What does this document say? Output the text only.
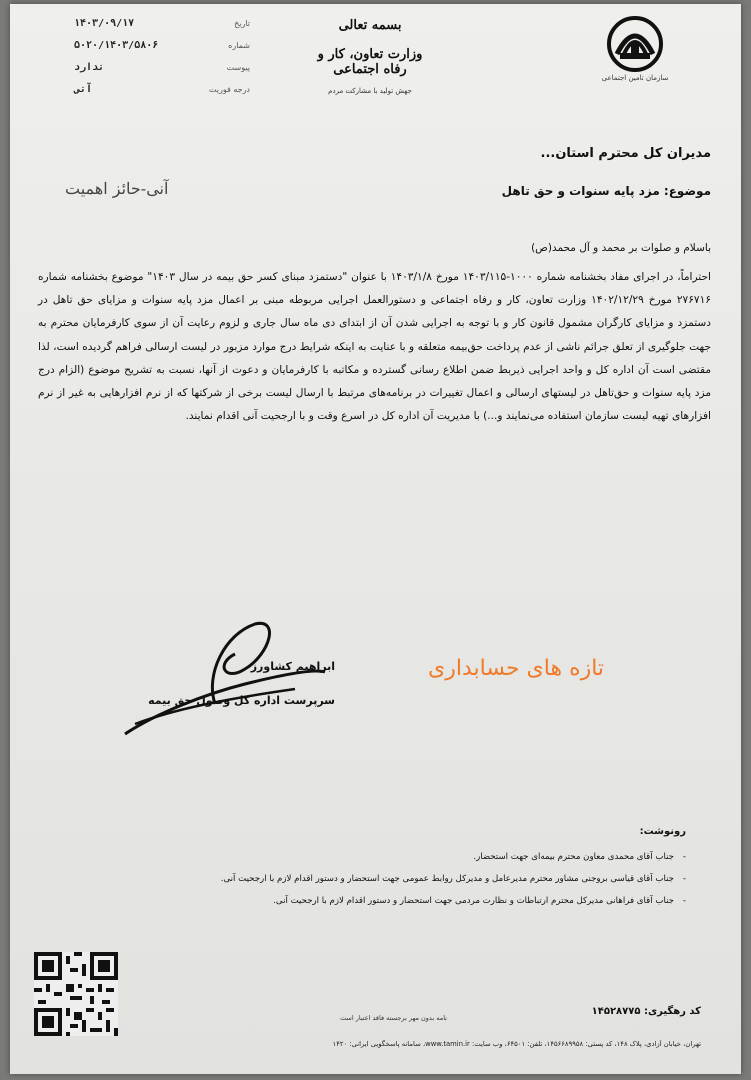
سازمان تامین اجتماعی
بسمه تعالی
وزارت تعاون، کار و رفاه اجتماعی
جهش تولید با مشارکت مردم
تاریخ
۱۴۰۳/۰۹/۱۷
شماره
۵۰۲۰/۱۴۰۳/۵۸۰۶
پیوست
ندارد
درجه فوریت
آنی
مدیران کل محترم استان...
آنی-حائز اهمیت	موضوع: مزد پایه سنوات و حق تاهل
باسلام و صلوات بر محمد و آل محمد(ص)
احتراماً، در اجرای مفاد بخشنامه شماره ۱۰۰۰-۱۴۰۳/۱۱۵ مورخ ۱۴۰۳/۱/۸ با عنوان "دستمزد مبنای کسر حق بیمه در سال ۱۴۰۳" موضوع بخشنامه شماره ۲۷۶۷۱۶ مورخ ۱۴۰۲/۱۲/۲۹ وزارت تعاون، کار و رفاه اجتماعی و دستورالعمل اجرایی مربوطه مبنی بر اعمال مزد پایه سنوات و مزایای حق تاهل در دستمزد و مزایای کارگران مشمول قانون کار و با توجه به اجرایی شدن آن از ابتدای دی ماه سال جاری و لزوم رعایت آن از سوی کارفرمایان محترم به جهت جلوگیری از تعلق جرائم ناشی از عدم پرداخت حق‌بیمه متعلقه و با عنایت به اینکه شرایط درج موارد مزبور در لیست ارسالی فراهم گردیده است، لذا مقتضی است آن اداره کل و واحد اجرایی ذیربط ضمن اطلاع رسانی گسترده و مکاتبه با کارفرمایان و دعوت از آنها، نسبت به تشریح موضوع (الزام درج مزد پایه سنوات و حق‌تاهل در لیستهای ارسالی و اعمال تغییرات در برنامه‌های مرتبط با ارسال لیست برخی از شرکتها که از نرم افزارهایی به غیر از نرم افزارهای تهیه لیست سازمان استفاده می‌نمایند و...) با مدیریت آن اداره کل در اسرع وقت و با ارجحیت آنی اقدام نمایند.
ابراهیم کشاورز
سرپرست اداره کل وصول حق بیمه
تازه های حسابداری
رونوشت:
- جناب آقای محمدی معاون محترم بیمه‌ای جهت استحضار.
- جناب آقای قیاسی بروجنی مشاور محترم مدیرعامل و مدیرکل روابط عمومی جهت استحضار و دستور اقدام لازم با ارجحیت آنی.
- جناب آقای فراهانی مدیرکل محترم ارتباطات و نظارت مردمی جهت استحضار و دستور اقدام لازم با ارجحیت آنی.
کد رهگیری: ۱۴۵۲۸۷۷۵
نامه بدون مهر برجسته فاقد اعتبار است
تهران، خیابان آزادی، پلاک ۱۴۸، کد پستی: ۱۴۵۶۶۸۹۹۵۸، تلفن: ۶۴۵۰۱، وب سایت: www.tamin.ir، سامانه پاسخگویی ایرانی: ۱۴۲۰
